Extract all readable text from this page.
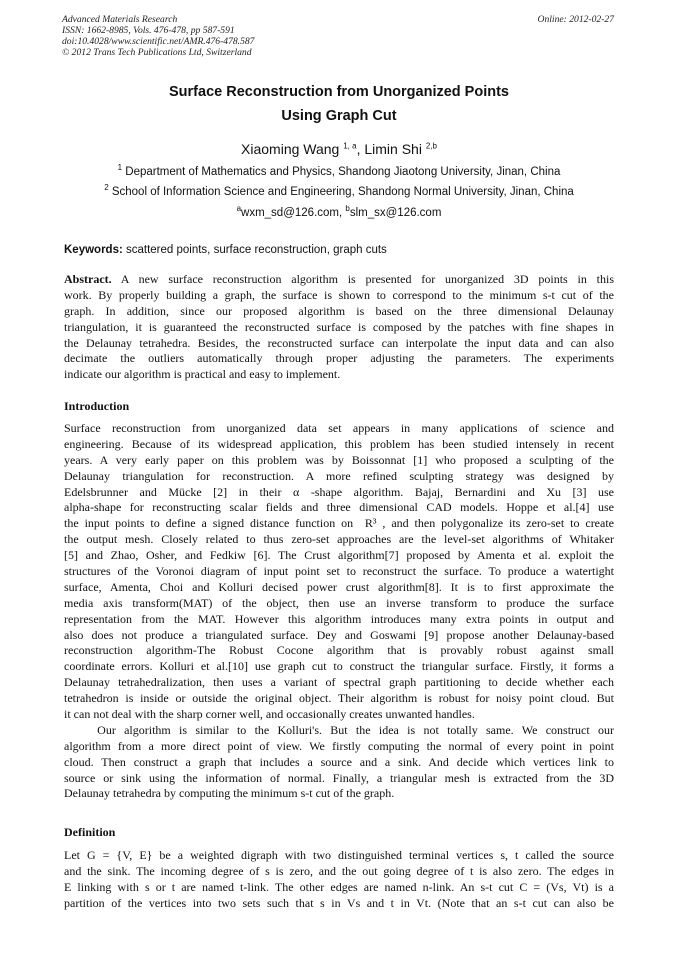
Advanced Materials Research
ISSN: 1662-8985, Vols. 476-478, pp 587-591
doi:10.4028/www.scientific.net/AMR.476-478.587
© 2012 Trans Tech Publications Ltd, Switzerland
Online: 2012-02-27
Surface Reconstruction from Unorganized Points
Using Graph Cut
Xiaoming Wang $^{1, a}$, Limin Shi $^{2,b}$
$^1$ Department of Mathematics and Physics, Shandong Jiaotong University, Jinan, China
$^2$ School of Information Science and Engineering, Shandong Normal University, Jinan, China
$^a$wxm_sd@126.com, $^b$slm_sx@126.com
Keywords: scattered points, surface reconstruction, graph cuts
Abstract. A new surface reconstruction algorithm is presented for unorganized 3D points in this
work. By properly building a graph, the surface is shown to correspond to the minimum s-t cut of the
graph. In addition, since our proposed algorithm is based on the three dimensional Delaunay
triangulation, it is guaranteed the reconstructed surface is composed by the patches with fine shapes in
the Delaunay tetrahedra. Besides, the reconstructed surface can interpolate the input data and can also
decimate the outliers automatically through proper adjusting the parameters. The experiments
indicate our algorithm is practical and easy to implement.
Introduction
Surface reconstruction from unorganized data set appears in many applications of science and
engineering. Because of its widespread application, this problem has been studied intensely in recent
years. A very early paper on this problem was by Boissonnat [1] who proposed a sculpting of the
Delaunay triangulation for reconstruction. A more refined sculpting strategy was designed by
Edelsbrunner and Mücke [2] in their α -shape algorithm. Bajaj, Bernardini and Xu [3] use
alpha-shape for reconstructing scalar fields and three dimensional CAD models. Hoppe et al.[4] use
the input points to define a signed distance function on  R³ , and then polygonalize its zero-set to create
the output mesh. Closely related to thus zero-set approaches are the level-set algorithms of Whitaker
[5] and Zhao, Osher, and Fedkiw [6]. The Crust algorithm[7] proposed by Amenta et al. exploit the
structures of the Voronoi diagram of input point set to reconstruct the surface. To produce a watertight
surface, Amenta, Choi and Kolluri decised power crust algorithm[8]. It is to first approximate the
media axis transform(MAT) of the object, then use an inverse transform to produce the surface
representation from the MAT. However this algorithm introduces many extra points in output and
also does not produce a triangulated surface. Dey and Goswami [9] propose another Delaunay-based
reconstruction algorithm-The Robust Cocone algorithm that is provably robust against small
coordinate errors. Kolluri et al.[10] use graph cut to construct the triangular surface. Firstly, it forms a
Delaunay tetrahedralization, then uses a variant of spectral graph partitioning to decide whether each
tetrahedron is inside or outside the original object. Their algorithm is robust for noisy point cloud. But
it can not deal with the sharp corner well, and occasionally creates unwanted handles.
Our algorithm is similar to the Kolluri's. But the idea is not totally same. We construct our
algorithm from a more direct point of view. We firstly computing the normal of every point in point
cloud. Then construct a graph that includes a source and a sink. And decide which vertices link to
source or sink using the information of normal. Finally, a triangular mesh is extracted from the 3D
Delaunay tetrahedra by computing the minimum s-t cut of the graph.
Definition
Let G = {V, E} be a weighted digraph with two distinguished terminal vertices s, t called the source
and the sink. The incoming degree of s is zero, and the out going degree of t is also zero. The edges in
E linking with s or t are named t-link. The other edges are named n-link. An s-t cut C = (Vs, Vt) is a
partition of the vertices into two sets such that s in Vs and t in Vt. (Note that an s-t cut can also be
